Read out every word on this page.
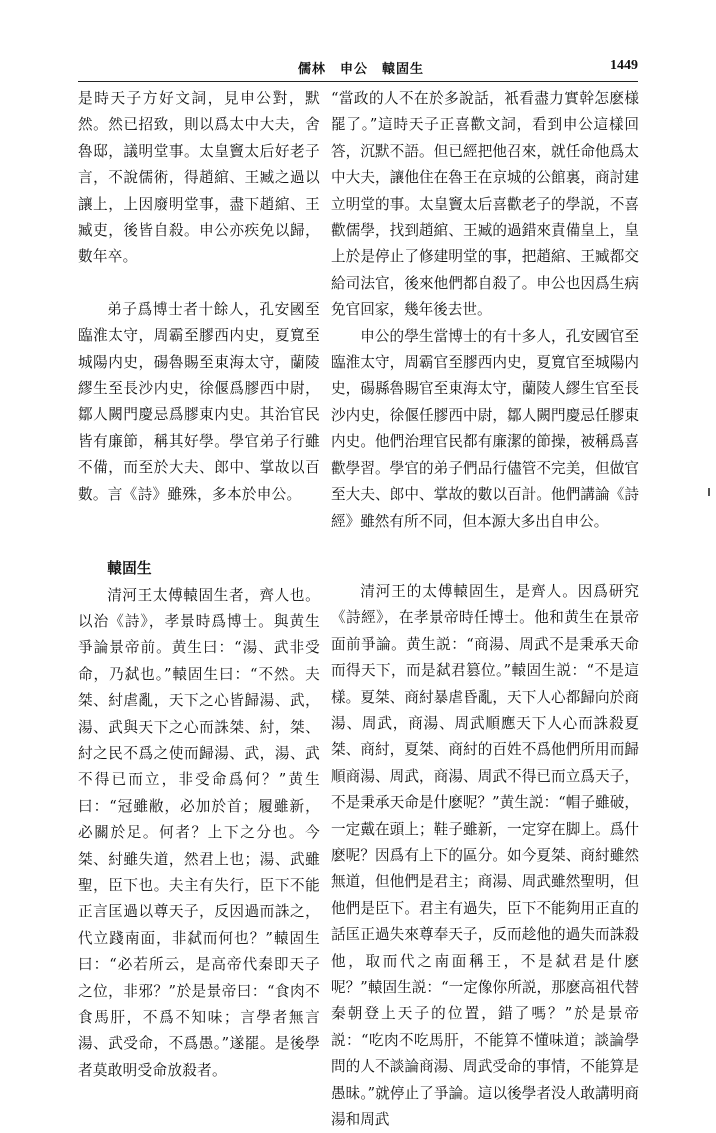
儒林　申公　轅固生	1449

是時天子方好文詞，見申公對，默然。然已招致，則以爲太中大夫，舍魯邸，議明堂事。太皇竇太后好老子言，不說儒術，得趙綰、王臧之過以讓上，上因廢明堂事，盡下趙綰、王臧吏，後皆自殺。申公亦疾免以歸，數年卒。

弟子爲博士者十餘人，孔安國至臨淮太守，周霸至膠西内史，夏寬至城陽内史，碭魯賜至東海太守，蘭陵繆生至長沙内史，徐偃爲膠西中尉，鄒人闕門慶忌爲膠東内史。其治官民皆有廉節，稱其好學。學官弟子行雖不備，而至於大夫、郎中、掌故以百數。言《詩》雖殊，多本於申公。

轅固生

清河王太傅轅固生者，齊人也。以治《詩》，孝景時爲博士。與黄生爭論景帝前。黄生曰：“湯、武非受命，乃弑也。”轅固生曰：“不然。夫桀、紂虐亂，天下之心皆歸湯、武，湯、武與天下之心而誅桀、紂，桀、紂之民不爲之使而歸湯、武，湯、武不得已而立，非受命爲何？”黄生曰：“冠雖敝，必加於首；履雖新，必關於足。何者？上下之分也。今桀、紂雖失道，然君上也；湯、武雖聖，臣下也。夫主有失行，臣下不能正言匡過以尊天子，反因過而誅之，代立踐南面，非弑而何也？”轅固生曰：“必若所云，是高帝代秦即天子之位，非邪？”於是景帝曰：“食肉不食馬肝，不爲不知味；言學者無言湯、武受命，不爲愚。”遂罷。是後學者莫敢明受命放殺者。

“當政的人不在於多說話，衹看盡力實幹怎麽様罷了。”這時天子正喜歡文詞，看到申公這樣回答，沉默不語。但已經把他召來，就任命他爲太中大夫，讓他住在魯王在京城的公館裏，商討建立明堂的事。太皇竇太后喜歡老子的學説，不喜歡儒學，找到趙綰、王臧的過錯來責備皇上，皇上於是停止了修建明堂的事，把趙綰、王臧都交給司法官，後來他們都自殺了。申公也因爲生病免官回家，幾年後去世。

申公的學生當博士的有十多人，孔安國官至臨淮太守，周霸官至膠西内史，夏寬官至城陽内史，碭縣魯賜官至東海太守，蘭陵人繆生官至長沙内史，徐偃任膠西中尉，鄒人闕門慶忌任膠東内史。他們治理官民都有廉潔的節操，被稱爲喜歡學習。學官的弟子們品行儘管不完美，但做官至大夫、郎中、掌故的數以百計。他們講論《詩經》雖然有所不同，但本源大多出自申公。

清河王的太傅轅固生，是齊人。因爲研究《詩經》，在孝景帝時任博士。他和黄生在景帝面前爭論。黄生説：“商湯、周武不是秉承天命而得天下，而是弑君篡位。”轅固生説：“不是這樣。夏桀、商紂暴虐昏亂，天下人心都歸向於商湯、周武，商湯、周武順應天下人心而誅殺夏桀、商紂，夏桀、商紂的百姓不爲他們所用而歸順商湯、周武，商湯、周武不得已而立爲天子，不是秉承天命是什麽呢？”黄生説：“帽子雖破，一定戴在頭上；鞋子雖新，一定穿在脚上。爲什麽呢？因爲有上下的區分。如今夏桀、商紂雖然無道，但他們是君主；商湯、周武雖然聖明，但他們是臣下。君主有過失，臣下不能夠用正直的話匡正過失來尊奉天子，反而趁他的過失而誅殺他，取而代之南面稱王，不是弑君是什麽呢？”轅固生説：“一定像你所説，那麽高祖代替秦朝登上天子的位置，錯了嗎？”於是景帝説：“吃肉不吃馬肝，不能算不懂味道；談論學問的人不談論商湯、周武受命的事情，不能算是愚昧。”就停止了爭論。這以後學者没人敢講明商湯和周武
